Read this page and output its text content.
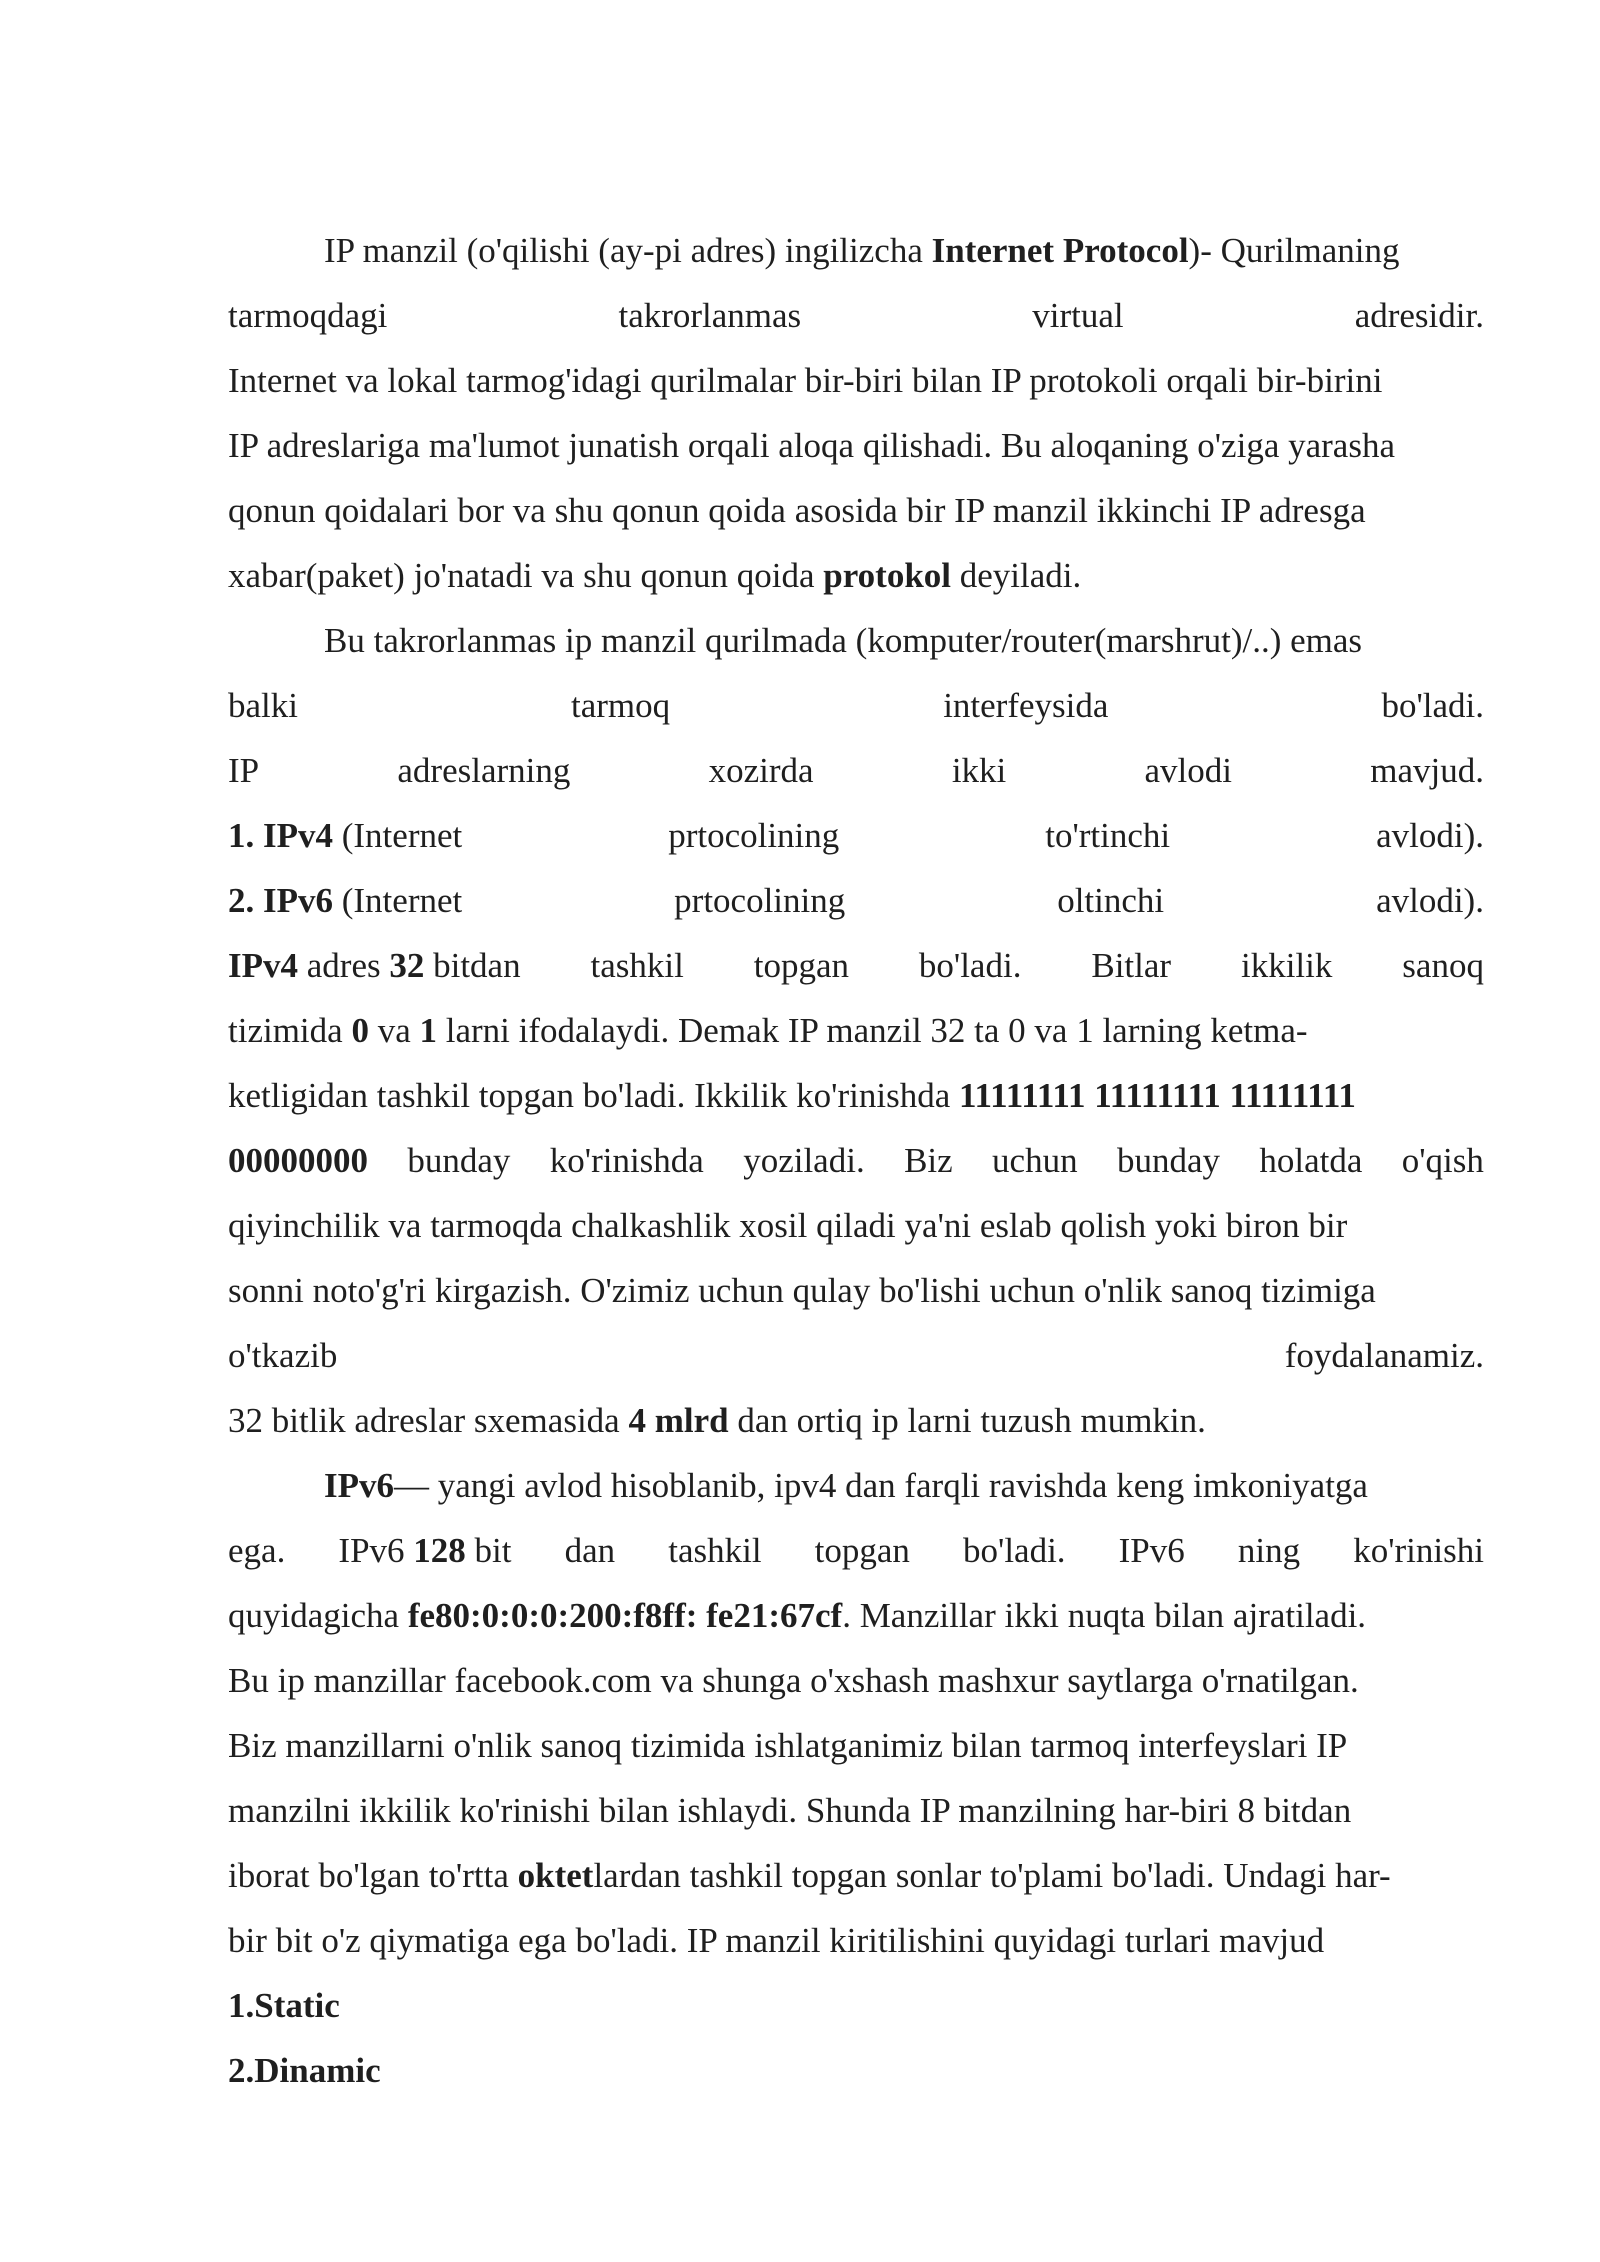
IP manzil (o'qilishi (ay-pi adres) ingilizcha Internet Protocol)- Qurilmaning
tarmoqdagi	takrorlanmas	virtual	adresidir.
Internet va lokal tarmog'idagi qurilmalar bir-biri bilan IP protokoli orqali bir-birini
IP adreslariga ma'lumot junatish orqali aloqa qilishadi. Bu aloqaning o'ziga yarasha
qonun qoidalari bor va shu qonun qoida asosida bir IP manzil ikkinchi IP adresga
xabar(paket) jo'natadi va shu qonun qoida protokol deyiladi.
Bu takrorlanmas ip manzil qurilmada (komputer/router(marshrut)/..) emas
balki	tarmoq	interfeysida	bo'ladi.
IP	adreslarning	xozirda	ikki	avlodi	mavjud.
1. IPv4 (Internet	prtocolining	to'rtinchi	avlodi).
2. IPv6 (Internet	prtocolining	oltinchi	avlodi).
IPv4 adres 32 bitdan tashkil topgan bo'ladi. Bitlar ikkilik sanoq
tizimida 0 va 1 larni ifodalaydi. Demak IP manzil 32 ta 0 va 1 larning ketma-
ketligidan tashkil topgan bo'ladi. Ikkilik ko'rinishda 11111111 11111111 11111111
00000000 bunday ko'rinishda yoziladi. Biz uchun bunday holatda o'qish
qiyinchilik va tarmoqda chalkashlik xosil qiladi ya'ni eslab qolish yoki biron bir
sonni noto'g'ri kirgazish. O'zimiz uchun qulay bo'lishi uchun o'nlik sanoq tizimiga
o'tkazib	foydalanamiz.
32 bitlik adreslar sxemasida 4 mlrd dan ortiq ip larni tuzush mumkin.
IPv6— yangi avlod hisoblanib, ipv4 dan farqli ravishda keng imkoniyatga
ega. IPv6 128 bit dan tashkil topgan bo'ladi. IPv6 ning ko'rinishi
quyidagicha fe80:0:0:0:200:f8ff: fe21:67cf. Manzillar ikki nuqta bilan ajratiladi.
Bu ip manzillar facebook.com va shunga o'xshash mashxur saytlarga o'rnatilgan.
Biz manzillarni o'nlik sanoq tizimida ishlatganimiz bilan tarmoq interfeyslari IP
manzilni ikkilik ko'rinishi bilan ishlaydi. Shunda IP manzilning har-biri 8 bitdan
iborat bo'lgan to'rtta oktetlardan tashkil topgan sonlar to'plami bo'ladi. Undagi har-
bir bit o'z qiymatiga ega bo'ladi. IP manzil kiritilishini quyidagi turlari mavjud
1.Static
2.Dinamic
